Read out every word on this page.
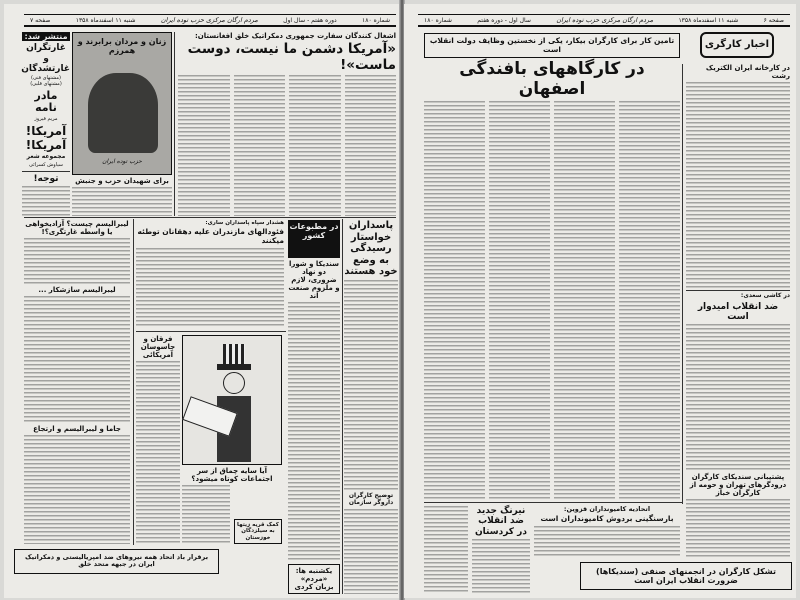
شماره ۱۸۰
دوره هفتم - سال اول
مردم ارگان مرکزی حزب توده ایران
شنبه ۱۱ اسفندماه ۱۳۵۸
صفحه ۷
منتشر شد:
غارتگران و غارتشدگان
(مشتهای فنی) (مشتهای قلبی)
مادر نامه
مریم فیروز
آمریکا! آمریکا!
مجموعه شعر
سیاوش کسرائی
توجه!
زنان و مردان برابرند و همرزم
حزب توده ایران
برای شهیدان حزب و جنبش
اشغال کنندگان سفارت جمهوری دمکراتیک خلق افغانستان:
«آمریکا دشمن ما نیست، دوست ماست»!
لیبرالیسم چیست؟ آزادیخواهی یا واسطه غارتگری؟!
لیبرالیسم سازشکار ...
جاما و لیبرالیسم و ارتجاع
هشدار سپاه پاسداران ساری:
فئودالهای مازندران علیه دهقانان توطئه میکنند
فرقان و جاسوسان آمریکائی
آیا سایه چماق از سر اجتماعات کوتاه میشود؟
کمک قریه زیتها به سیلزدگان خوزستان
در مطبوعات کشور
سندیکا و شورا دو نهاد ضروری، لازم و ملزوم صنعت اند
یکشنبه ها: «مردم» بزبان کردی
پاسداران خواستار رسیدگی به وضع خود هستند
توضیح کارگران داروگر سازمان
برقرار باد اتحاد همه نیروهای ضد امپریالیستی و دمکراتیک ایران در جبهه متحد خلق
صفحه ۶
شنبه ۱۱ اسفندماه ۱۳۵۸
مردم ارگان مرکزی حزب توده ایران
سال اول - دوره هفتم
شماره ۱۸۰
تامین کار برای کارگران بیکار، یکی از نخستین وظایف دولت انقلاب است
در کارگاههای بافندگی اصفهان
اخبار کارگری
در کارخانه ایران الکتریک رشت
در کاشی سعدی:
ضد انقلاب امیدوار است
پشتیبانی سندیکای کارگران درودگرهای تهران و حومه از کارگران خباز
نیرنگ جدید ضد انقلاب در کردستان
اتحادیه کامیونداران قزوین:
بارسنگینی بردوش کامیونداران است
تشکل کارگران در انجمنهای صنفی (سندیکاها) ضرورت انقلاب ایران است
